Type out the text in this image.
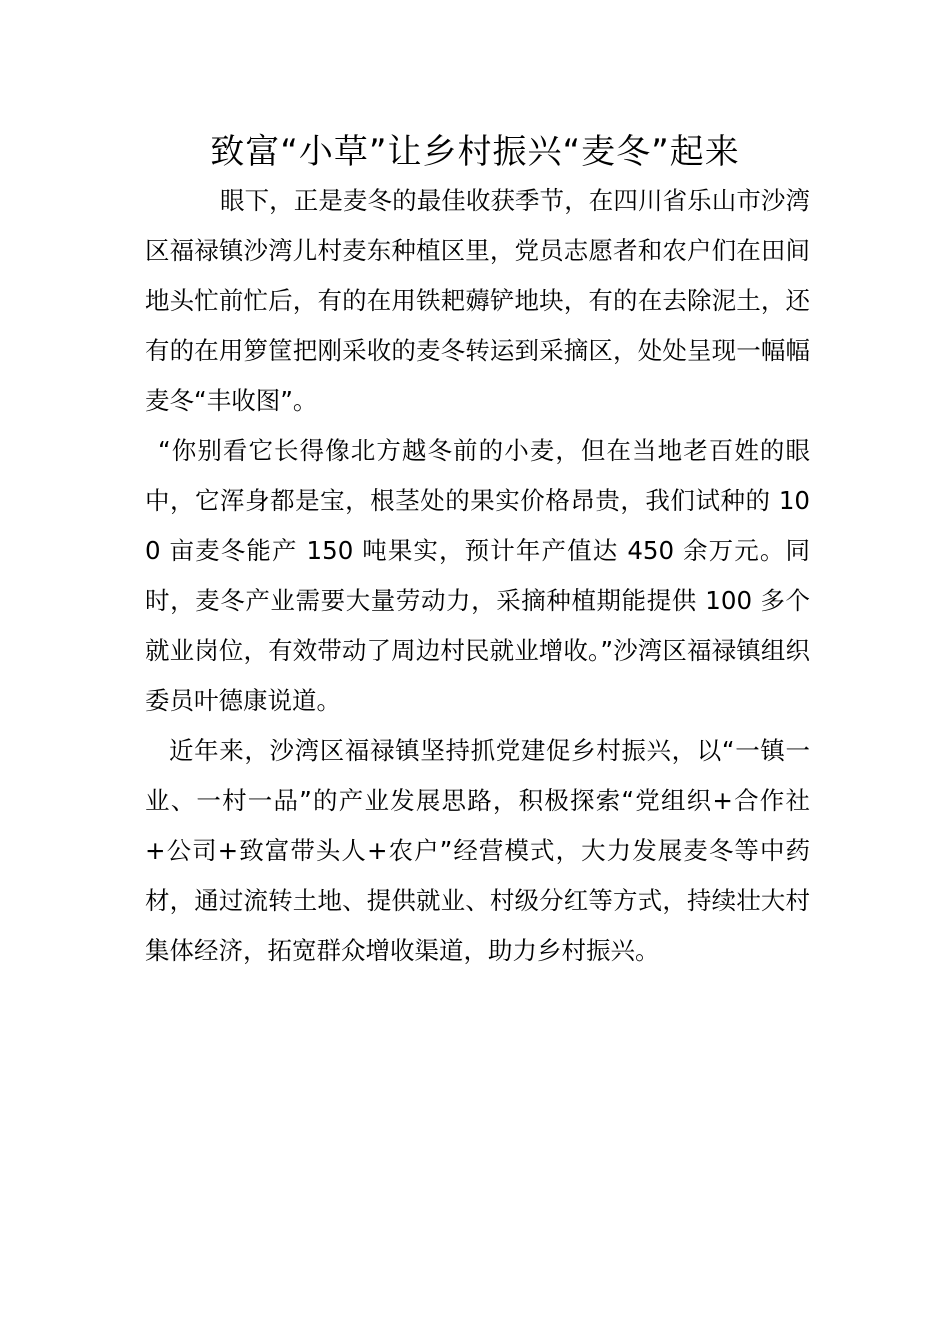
致富“小草”让乡村振兴“麦冬”起来

眼下，正是麦冬的最佳收获季节，在四川省乐山市沙湾区福禄镇沙湾儿村麦东种植区里，党员志愿者和农户们在田间地头忙前忙后，有的在用铁耙薅铲地块，有的在去除泥土，还有的在用箩筐把刚采收的麦冬转运到采摘区，处处呈现一幅幅麦冬“丰收图”。

“你别看它长得像北方越冬前的小麦，但在当地老百姓的眼中，它浑身都是宝，根茎处的果实价格昂贵，我们试种的 100 亩麦冬能产 150 吨果实，预计年产值达 450 余万元。同时，麦冬产业需要大量劳动力，采摘种植期能提供 100 多个就业岗位，有效带动了周边村民就业增收。”沙湾区福禄镇组织委员叶德康说道。

近年来，沙湾区福禄镇坚持抓党建促乡村振兴，以“一镇一业、一村一品”的产业发展思路，积极探索“党组织+合作社+公司+致富带头人+农户”经营模式，大力发展麦冬等中药材，通过流转土地、提供就业、村级分红等方式，持续壮大村集体经济，拓宽群众增收渠道，助力乡村振兴。
